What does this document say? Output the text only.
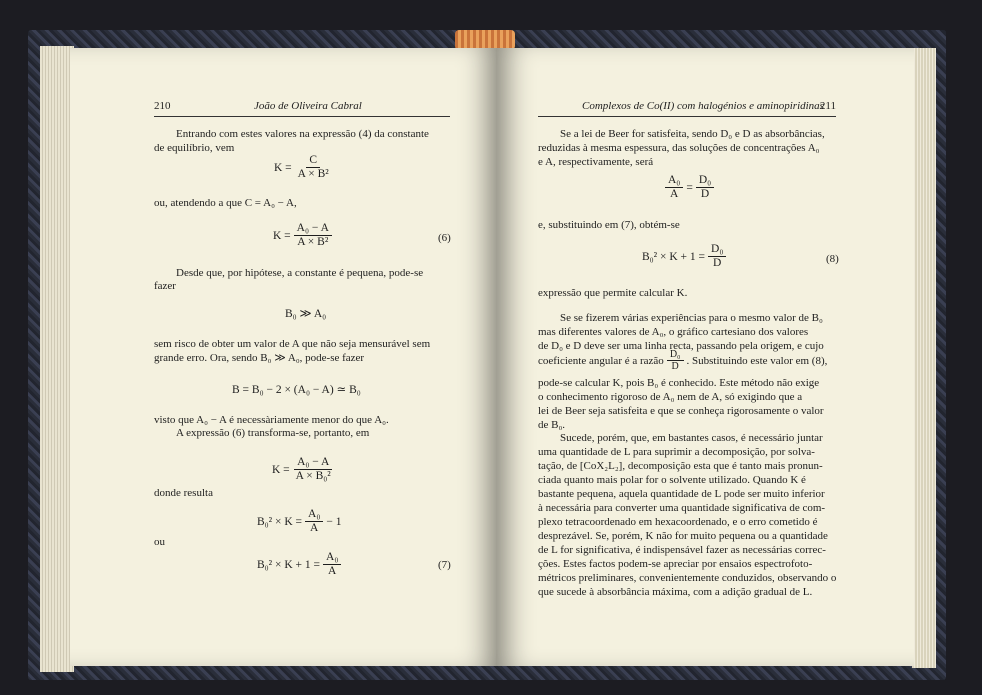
210	João de Oliveira Cabral
Entrando com estes valores na expressão (4) da constante
de equilíbrio, vem
$K = \frac{C}{\text{A × B²}}$
ou, atendendo a que C = A₀ − A,
$K = \frac{\text{A₀ − A}}{\text{A × B²}}$	(6)
Desde que, por hipótese, a constante é pequena, pode-se
fazer
B₀ ≫ A₀
sem risco de obter um valor de A que não seja mensurável sem
grande erro. Ora, sendo B₀ ≫ A₀, pode-se fazer
B = B₀ − 2 × (A₀ − A) ≃ B₀
visto que A₀ − A é necessàriamente menor do que A₀.
A expressão (6) transforma-se, portanto, em
$K = \frac{\text{A₀ − A}}{\text{A × B₀²}}$
donde resulta
$B_0^2 \times K = \frac{\text{A₀}}{A} - 1$
ou
$B_0^2 \times K + 1 = \frac{\text{A₀}}{A}$	(7)
Complexos de Co(II) com halogénios e aminopiridinas
211
Se a lei de Beer for satisfeita, sendo D₀ e D as absorbâncias,
reduzidas à mesma espessura, das soluções de concentrações A₀
e A, respectivamente, será
$\frac{\text{A₀}}{A} = \frac{\text{D₀}}{D}$
e, substituindo em (7), obtém-se
$B_0^2 \times K + 1 = \frac{\text{D₀}}{D}$	(8)
expressão que permite calcular K.
Se se fizerem várias experiências para o mesmo valor de B₀
mas diferentes valores de A₀, o gráfico cartesiano dos valores
de D₀ e D deve ser uma linha recta, passando pela origem, e cujo
coeficiente angular é a razão $\frac{\text{D₀}}{D}$ . Substituindo este valor em (8),
pode-se calcular K, pois B₀ é conhecido. Este método não exige
o conhecimento rigoroso de A₀ nem de A, só exigindo que a
lei de Beer seja satisfeita e que se conheça rigorosamente o valor
de B₀.
Sucede, porém, que, em bastantes casos, é necessário juntar
uma quantidade de L para suprimir a decomposição, por solva-
tação, de [CoX₂L₂], decomposição esta que é tanto mais pronun-
ciada quanto mais polar for o solvente utilizado. Quando K é
bastante pequena, aquela quantidade de L pode ser muito inferior
à necessária para converter uma quantidade significativa de com-
plexo tetracoordenado em hexacoordenado, e o erro cometido é
desprezável. Se, porém, K não for muito pequena ou a quantidade
de L for significativa, é indispensável fazer as necessárias correc-
ções. Estes factos podem-se apreciar por ensaios espectrofoto-
métricos preliminares, convenientemente conduzidos, observando o
que sucede à absorbância máxima, com a adição gradual de L.
